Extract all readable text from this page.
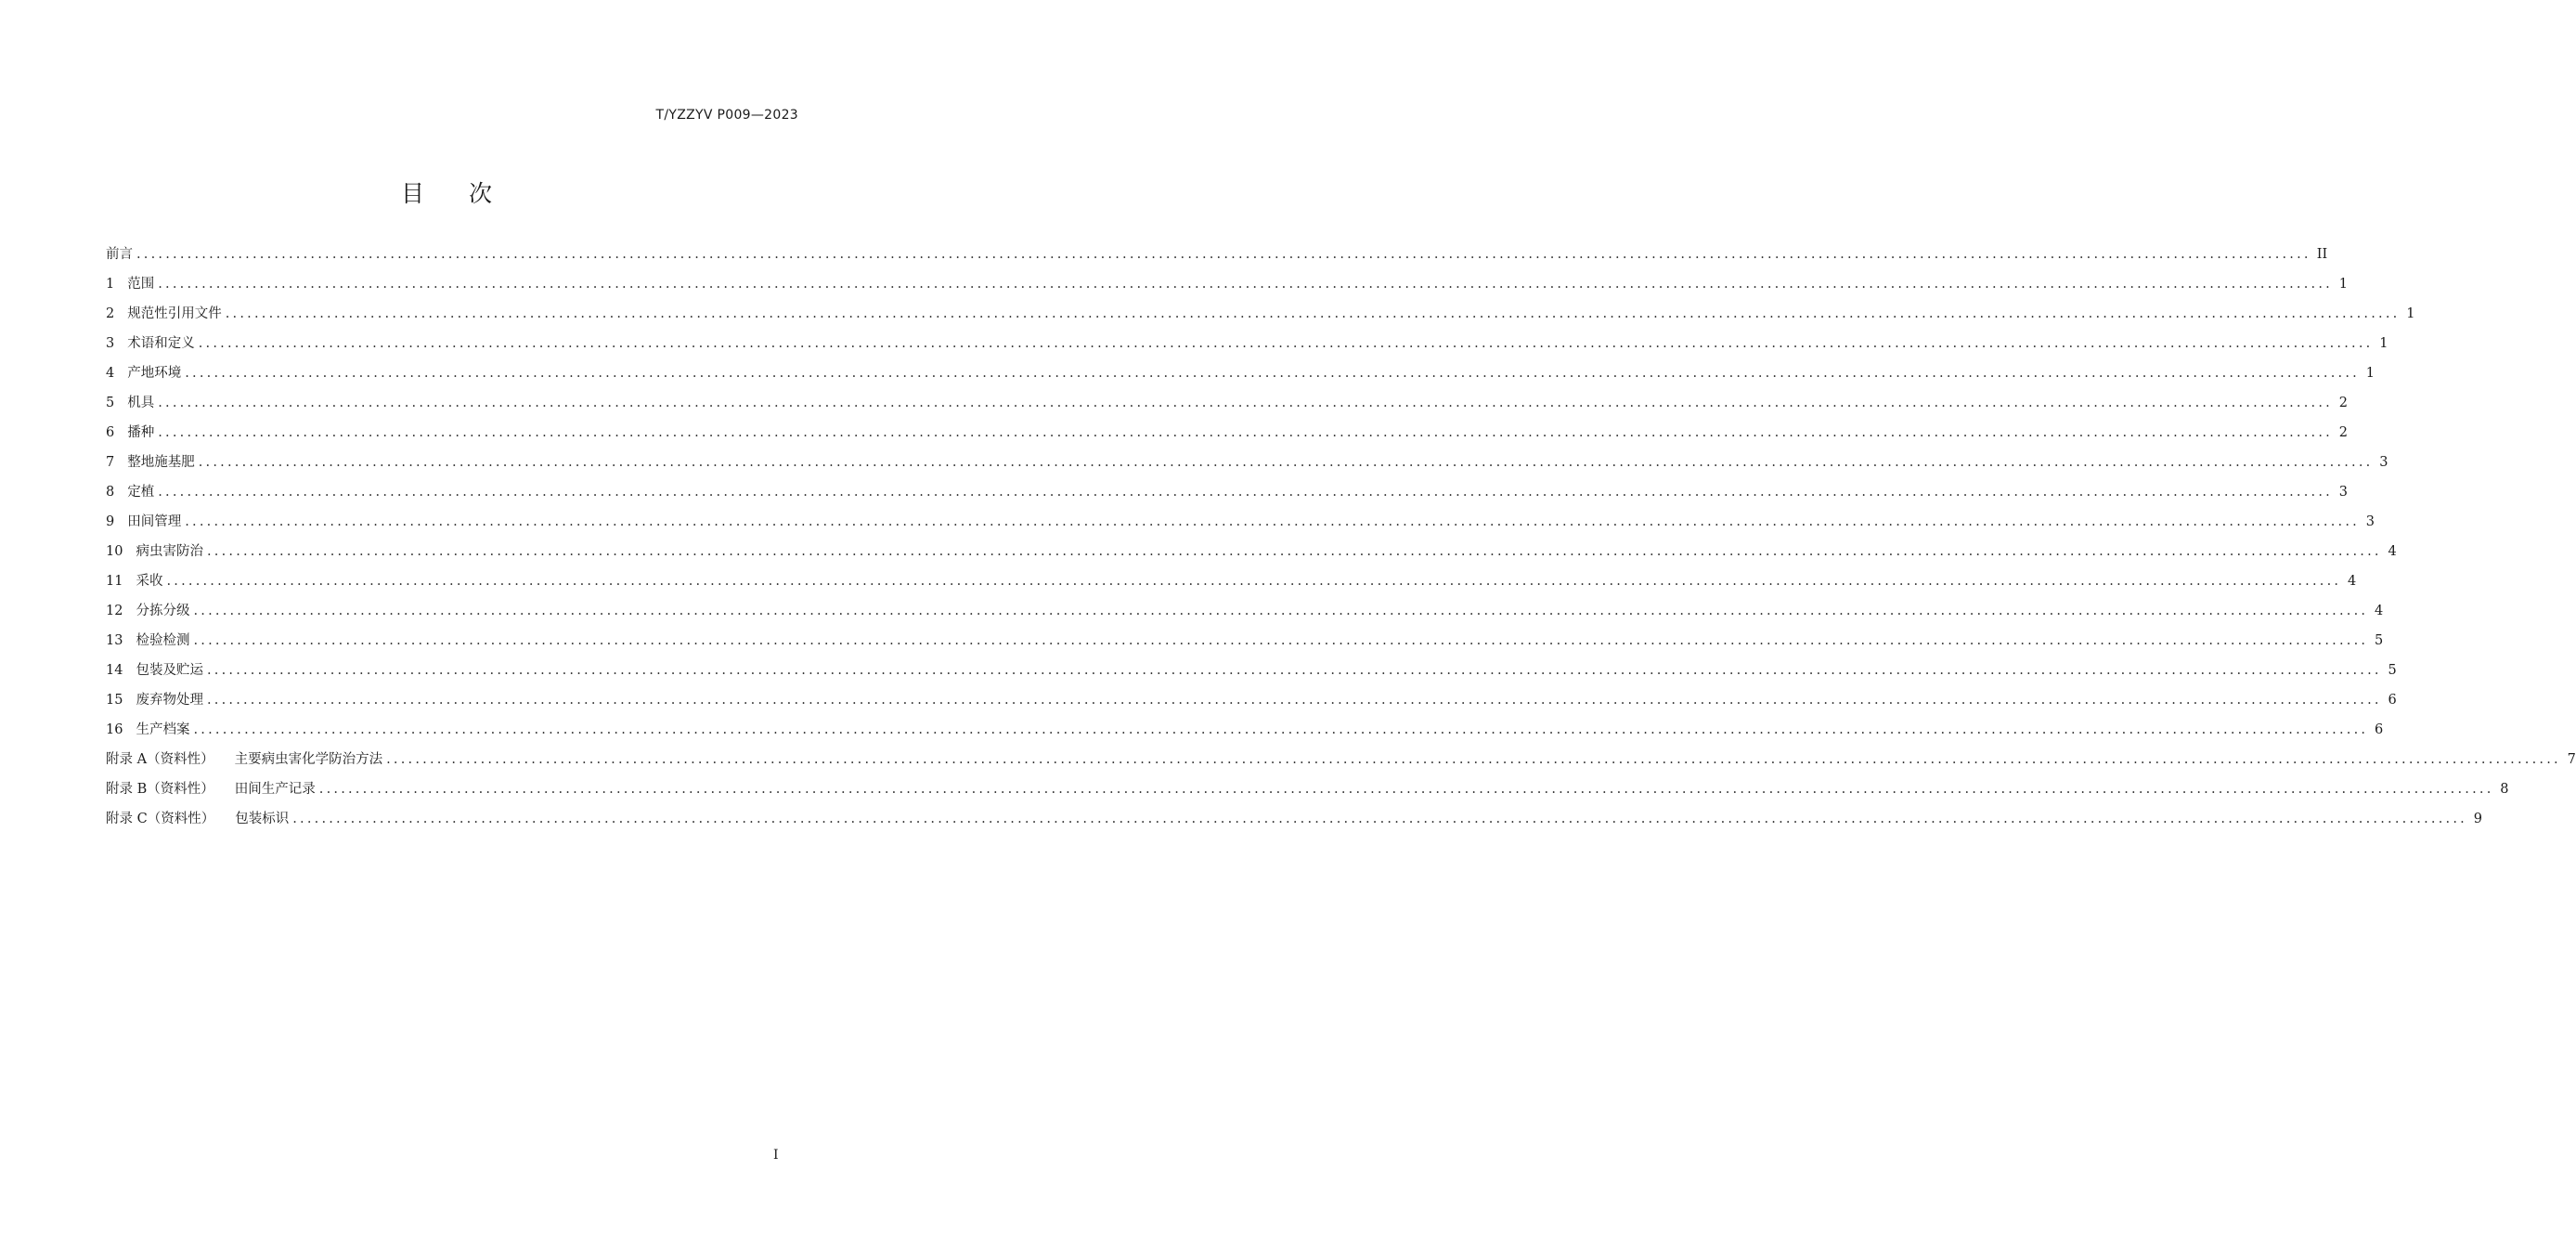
T/YZZYV P009—2023
目 次
前言 ............................................................................................................................................................................................................................................................................................................ II
1 范围 ............................................................................................................................................................................................................................................................................................................ 1
2 规范性引用文件 ............................................................................................................................................................................................................................................................................................................ 1
3 术语和定义 ............................................................................................................................................................................................................................................................................................................ 1
4 产地环境 ............................................................................................................................................................................................................................................................................................................ 1
5 机具 ............................................................................................................................................................................................................................................................................................................ 2
6 播种 ............................................................................................................................................................................................................................................................................................................ 2
7 整地施基肥 ............................................................................................................................................................................................................................................................................................................ 3
8 定植 ............................................................................................................................................................................................................................................................................................................ 3
9 田间管理 ............................................................................................................................................................................................................................................................................................................ 3
10 病虫害防治 ............................................................................................................................................................................................................................................................................................................ 4
11 采收 ............................................................................................................................................................................................................................................................................................................ 4
12 分拣分级 ............................................................................................................................................................................................................................................................................................................ 4
13 检验检测 ............................................................................................................................................................................................................................................................................................................ 5
14 包装及贮运 ............................................................................................................................................................................................................................................................................................................ 5
15 废弃物处理 ............................................................................................................................................................................................................................................................................................................ 6
16 生产档案 ............................................................................................................................................................................................................................................................................................................ 6
附录 A（资料性） 主要病虫害化学防治方法 ............................................................................................................................................................................................................................................................................................................ 7
附录 B（资料性） 田间生产记录 ............................................................................................................................................................................................................................................................................................................ 8
附录 C（资料性） 包装标识 ............................................................................................................................................................................................................................................................................................................ 9
I
